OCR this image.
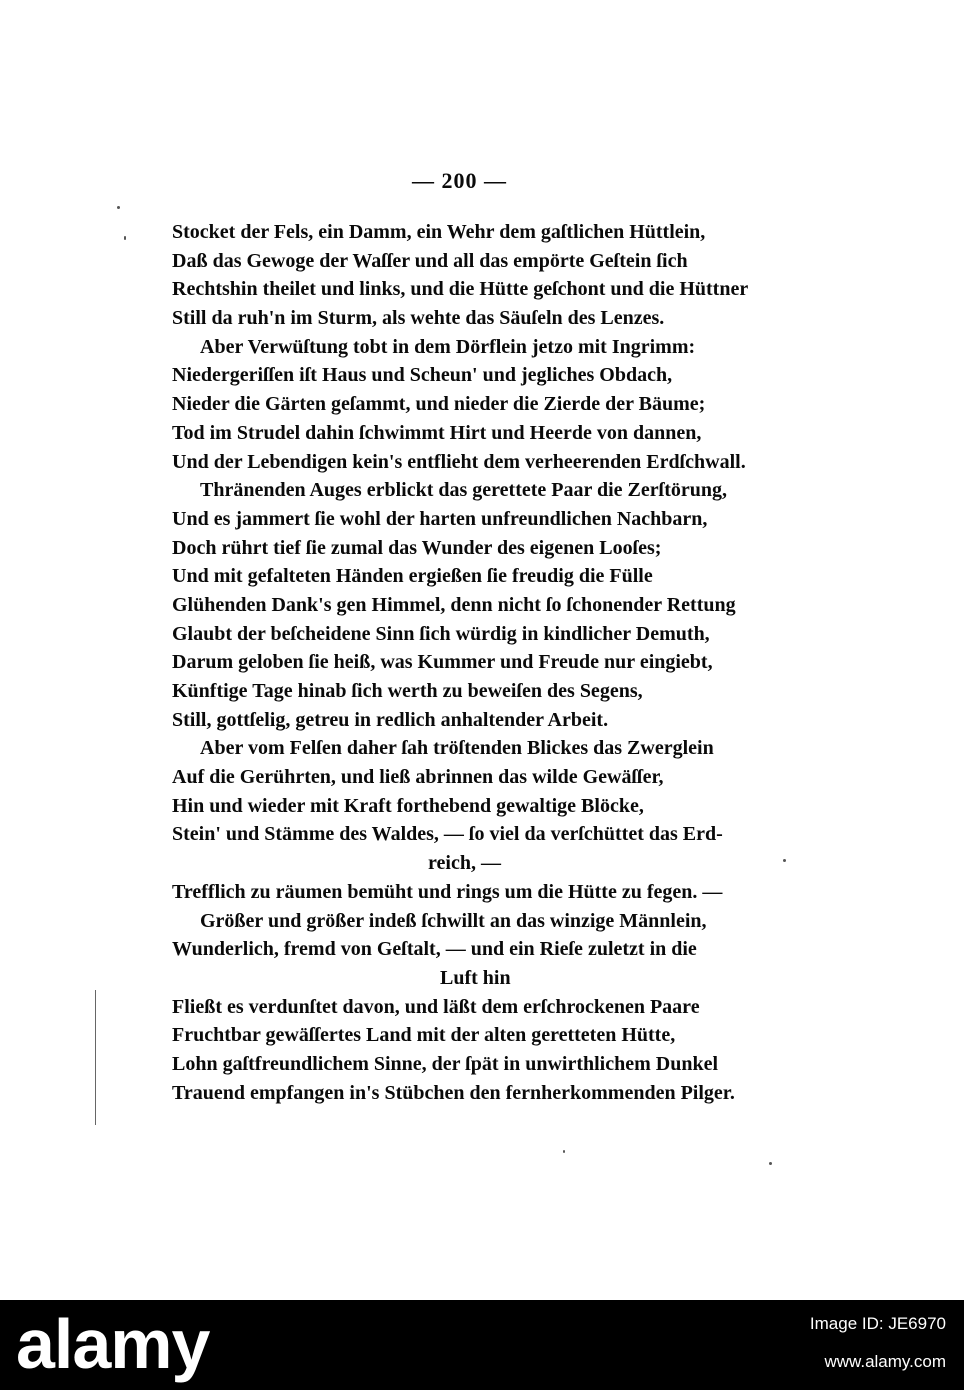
— 200 —
Stocket der Fels, ein Damm, ein Wehr dem gaſtlichen Hüttlein,
Daß das Gewoge der Waſſer und all das empörte Geſtein ſich
Rechtshin theilet und links, und die Hütte geſchont und die Hüttner
Still da ruh'n im Sturm, als wehte das Säuſeln des Lenzes.
Aber Verwüſtung tobt in dem Dörflein jetzo mit Ingrimm:
Niedergeriſſen iſt Haus und Scheun' und jegliches Obdach,
Nieder die Gärten geſammt, und nieder die Zierde der Bäume;
Tod im Strudel dahin ſchwimmt Hirt und Heerde von dannen,
Und der Lebendigen kein's entflieht dem verheerenden Erdſchwall.
Thränenden Auges erblickt das gerettete Paar die Zerſtörung,
Und es jammert ſie wohl der harten unfreundlichen Nachbarn,
Doch rührt tief ſie zumal das Wunder des eigenen Looſes;
Und mit gefalteten Händen ergießen ſie freudig die Fülle
Glühenden Dank's gen Himmel, denn nicht ſo ſchonender Rettung
Glaubt der beſcheidene Sinn ſich würdig in kindlicher Demuth,
Darum geloben ſie heiß, was Kummer und Freude nur eingiebt,
Künftige Tage hinab ſich werth zu beweiſen des Segens,
Still, gottſelig, getreu in redlich anhaltender Arbeit.
Aber vom Felſen daher ſah tröſtenden Blickes das Zwerglein
Auf die Gerührten, und ließ abrinnen das wilde Gewäſſer,
Hin und wieder mit Kraft forthebend gewaltige Blöcke,
Stein' und Stämme des Waldes, — ſo viel da verſchüttet das Erd-
reich, —
Trefflich zu räumen bemüht und rings um die Hütte zu fegen. —
Größer und größer indeß ſchwillt an das winzige Männlein,
Wunderlich, fremd von Geſtalt, — und ein Rieſe zuletzt in die
Luft hin
Fließt es verdunſtet davon, und läßt dem erſchrockenen Paare
Fruchtbar gewäſſertes Land mit der alten geretteten Hütte,
Lohn gaſtfreundlichem Sinne, der ſpät in unwirthlichem Dunkel
Trauend empfangen in's Stübchen den fernherkommenden Pilger.
alamy	Image ID: JE6970
www.alamy.com
